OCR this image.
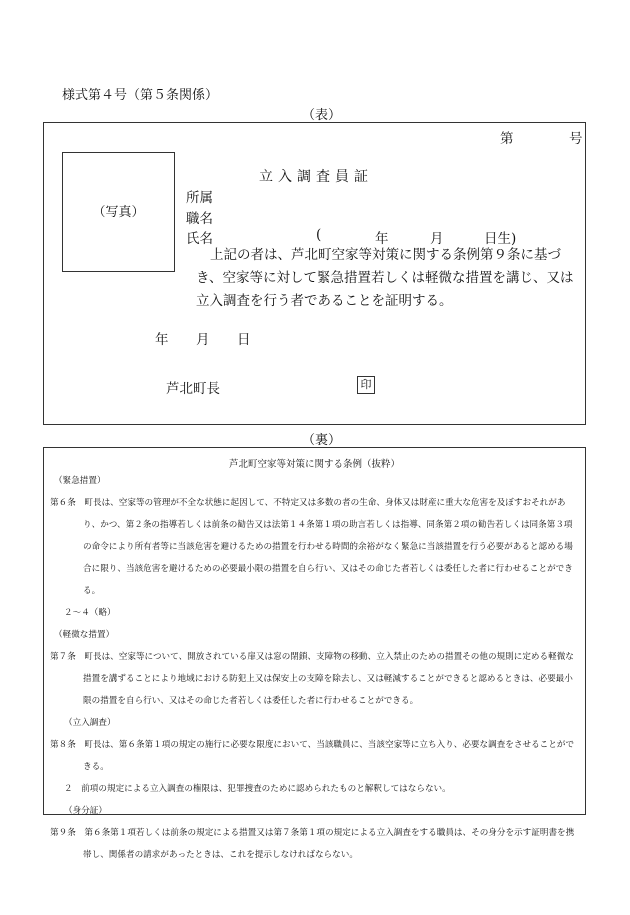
様式第４号（第５条関係）
（表）
第	号
（写真）
立入調査員証
所属
職名
氏名	(	年	月	日生)
上記の者は、芦北町空家等対策に関する条例第９条に基づき、空家等に対して緊急措置若しくは軽微な措置を講じ、又は立入調査を行う者であることを証明する。
年 月 日
芦北町長	印
（裏）
芦北町空家等対策に関する条例（抜粋）

（緊急措置）

第６条　町長は、空家等の管理が不全な状態に起因して、不特定又は多数の者の生命、身体又は財産に重大な危害を及ぼすおそれがあり、かつ、第２条の指導若しくは前条の勧告又は法第１４条第１項の助言若しくは指導、同条第２項の勧告若しくは同条第３項の命令により所有者等に当該危害を避けるための措置を行わせる時間的余裕がなく緊急に当該措置を行う必要があると認める場合に限り、当該危害を避けるための必要最小限の措置を自ら行い、又はその命じた者若しくは委任した者に行わせることができる。

２～４（略）

（軽微な措置）

第７条　町長は、空家等について、開放されている扉又は窓の閉鎖、支障物の移動、立入禁止のための措置その他の規則に定める軽微な措置を講ずることにより地域における防犯上又は保安上の支障を除去し、又は軽減することができると認めるときは、必要最小限の措置を自ら行い、又はその命じた者若しくは委任した者に行わせることができる。

（立入調査）

第８条　町長は、第６条第１項の規定の施行に必要な限度において、当該職員に、当該空家等に立ち入り、必要な調査をさせることができる。

２　前項の規定による立入調査の権限は、犯罪捜査のために認められたものと解釈してはならない。

（身分証）

第９条　第６条第１項若しくは前条の規定による措置又は第７条第１項の規定による立入調査をする職員は、その身分を示す証明書を携帯し、関係者の請求があったときは、これを提示しなければならない。
